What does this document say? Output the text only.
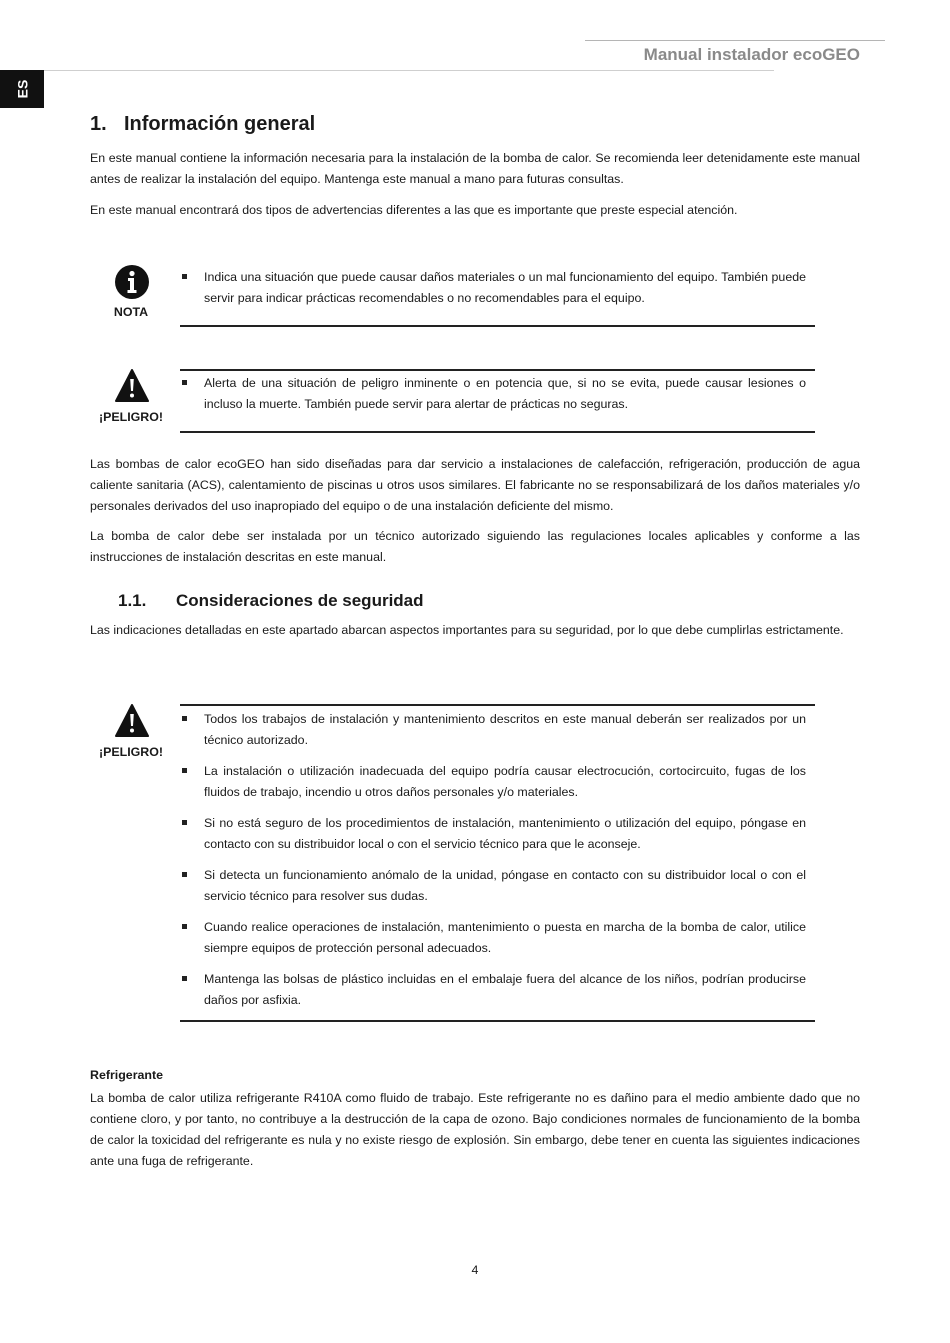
Manual instalador ecoGEO
ES
1. Información general

En este manual contiene la información necesaria para la instalación de la bomba de calor. Se recomienda leer detenidamente este manual antes de realizar la instalación del equipo. Mantenga este manual a mano para futuras consultas.

En este manual encontrará dos tipos de advertencias diferentes a las que es importante que preste especial atención.

NOTA
Indica una situación que puede causar daños materiales o un mal funcionamiento del equipo. También puede servir para indicar prácticas recomendables o no recomendables para el equipo.
¡PELIGRO!
Alerta de una situación de peligro inminente o en potencia que, si no se evita, puede causar lesiones o incluso la muerte. También puede servir para alertar de prácticas no seguras.

Las bombas de calor ecoGEO han sido diseñadas para dar servicio a instalaciones de calefacción, refrigeración, producción de agua caliente sanitaria (ACS), calentamiento de piscinas u otros usos similares. El fabricante no se responsabilizará de los daños materiales y/o personales derivados del uso inapropiado del equipo o de una instalación deficiente del mismo.

La bomba de calor debe ser instalada por un técnico autorizado siguiendo las regulaciones locales aplicables y conforme a las instrucciones de instalación descritas en este manual.

1.1. Consideraciones de seguridad

Las indicaciones detalladas en este apartado abarcan aspectos importantes para su seguridad, por lo que debe cumplirlas estrictamente.

¡PELIGRO!
Todos los trabajos de instalación y mantenimiento descritos en este manual deberán ser realizados por un técnico autorizado.
La instalación o utilización inadecuada del equipo podría causar electrocución, cortocircuito, fugas de los fluidos de trabajo, incendio u otros daños personales y/o materiales.
Si no está seguro de los procedimientos de instalación, mantenimiento o utilización del equipo, póngase en contacto con su distribuidor local o con el servicio técnico para que le aconseje.
Si detecta un funcionamiento anómalo de la unidad, póngase en contacto con su distribuidor local o con el servicio técnico para resolver sus dudas.
Cuando realice operaciones de instalación, mantenimiento o puesta en marcha de la bomba de calor, utilice siempre equipos de protección personal adecuados.
Mantenga las bolsas de plástico incluidas en el embalaje fuera del alcance de los niños, podrían producirse daños por asfixia.

Refrigerante

La bomba de calor utiliza refrigerante R410A como fluido de trabajo. Este refrigerante no es dañino para el medio ambiente dado que no contiene cloro, y por tanto, no contribuye a la destrucción de la capa de ozono. Bajo condiciones normales de funcionamiento de la bomba de calor la toxicidad del refrigerante es nula y no existe riesgo de explosión. Sin embargo, debe tener en cuenta las siguientes indicaciones ante una fuga de refrigerante.

4
